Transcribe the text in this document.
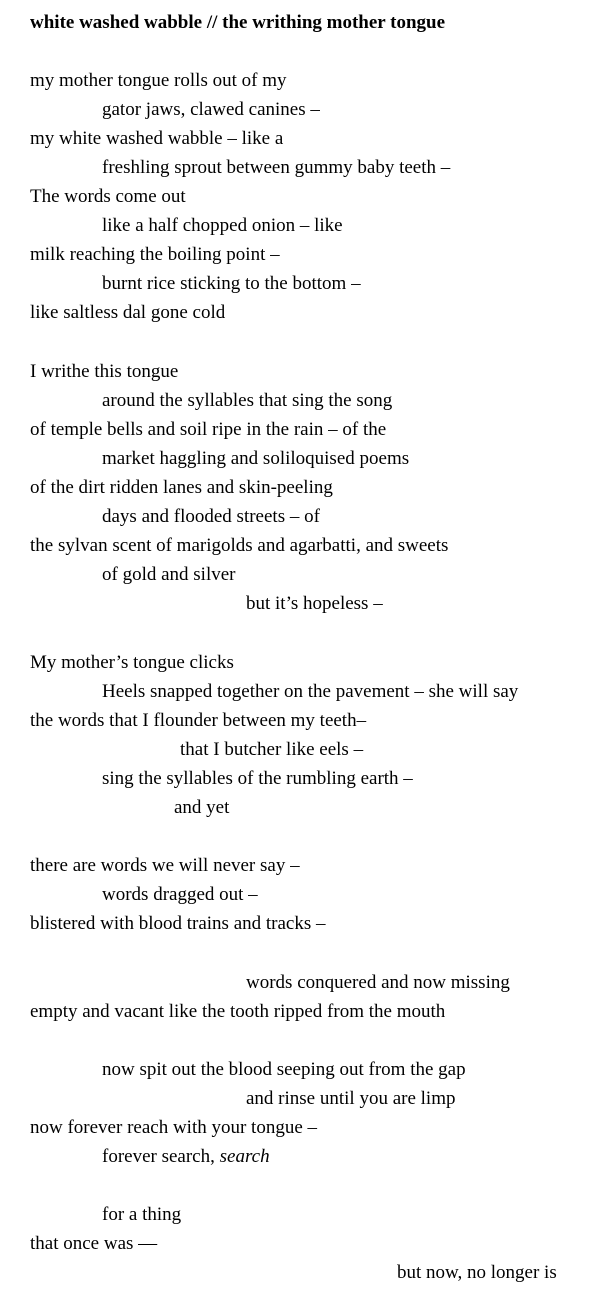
white washed wabble // the writhing mother tongue
my mother tongue rolls out of my
gator jaws, clawed canines –
my white washed wabble – like a
freshling sprout between gummy baby teeth –
The words come out
like a half chopped onion – like
milk reaching the boiling point –
burnt rice sticking to the bottom –
like saltless dal gone cold
I writhe this tongue
around the syllables that sing the song
of temple bells and soil ripe in the rain – of the
market haggling and soliloquised poems
of the dirt ridden lanes and skin-peeling
days and flooded streets – of
the sylvan scent of marigolds and agarbatti, and sweets
of gold and silver
but it’s hopeless –
My mother’s tongue clicks
Heels snapped together on the pavement – she will say
the words that I flounder between my teeth–
that I butcher like eels –
sing the syllables of the rumbling earth –
and yet
there are words we will never say –
words dragged out –
blistered with blood trains and tracks –
words conquered and now missing
empty and vacant like the tooth ripped from the mouth
now spit out the blood seeping out from the gap
and rinse until you are limp
now forever reach with your tongue –
forever search, search
for a thing
that once was —
but now, no longer is
